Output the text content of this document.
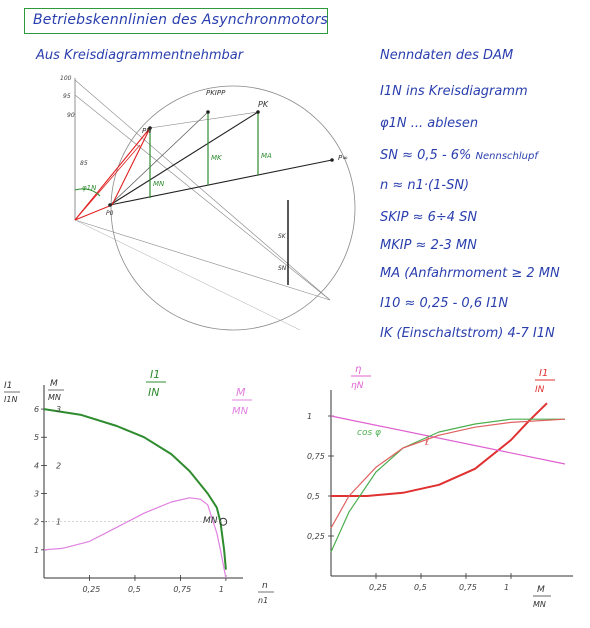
Betriebskennlinien des Asynchronmotors
Aus Kreisdiagrammentnehmbar	Nenndaten des DAM
I1N ins Kreisdiagramm
φ1N ... ablesen
SN ≈ 0,5 - 6% Nennschlupf
n ≈ n1·(1-SN)
SKIP ≈ 6÷4 SN
MKIP ≈ 2-3 MN
MA (Anfahrmoment ≥ 2 MN
I10 ≈ 0,25 - 0,6 I1N
IK (Einschaltstrom) 4-7 I1N
100
95
90
85
PKIPP
PK
P∞
PN
P0
MN
MK	MA
SK
SN
φ1N
0,25	0,5	0,75	1
1
2
3
4
5
6
1
2
3
I1
I1N
M
MN
n
n1
I1
IN	M
MN
MN
0,25	0,5	0,75	1
0,25
0,5
0,75
1
η
ηN
I1
IN
cos φ
ℓ
M
MN
